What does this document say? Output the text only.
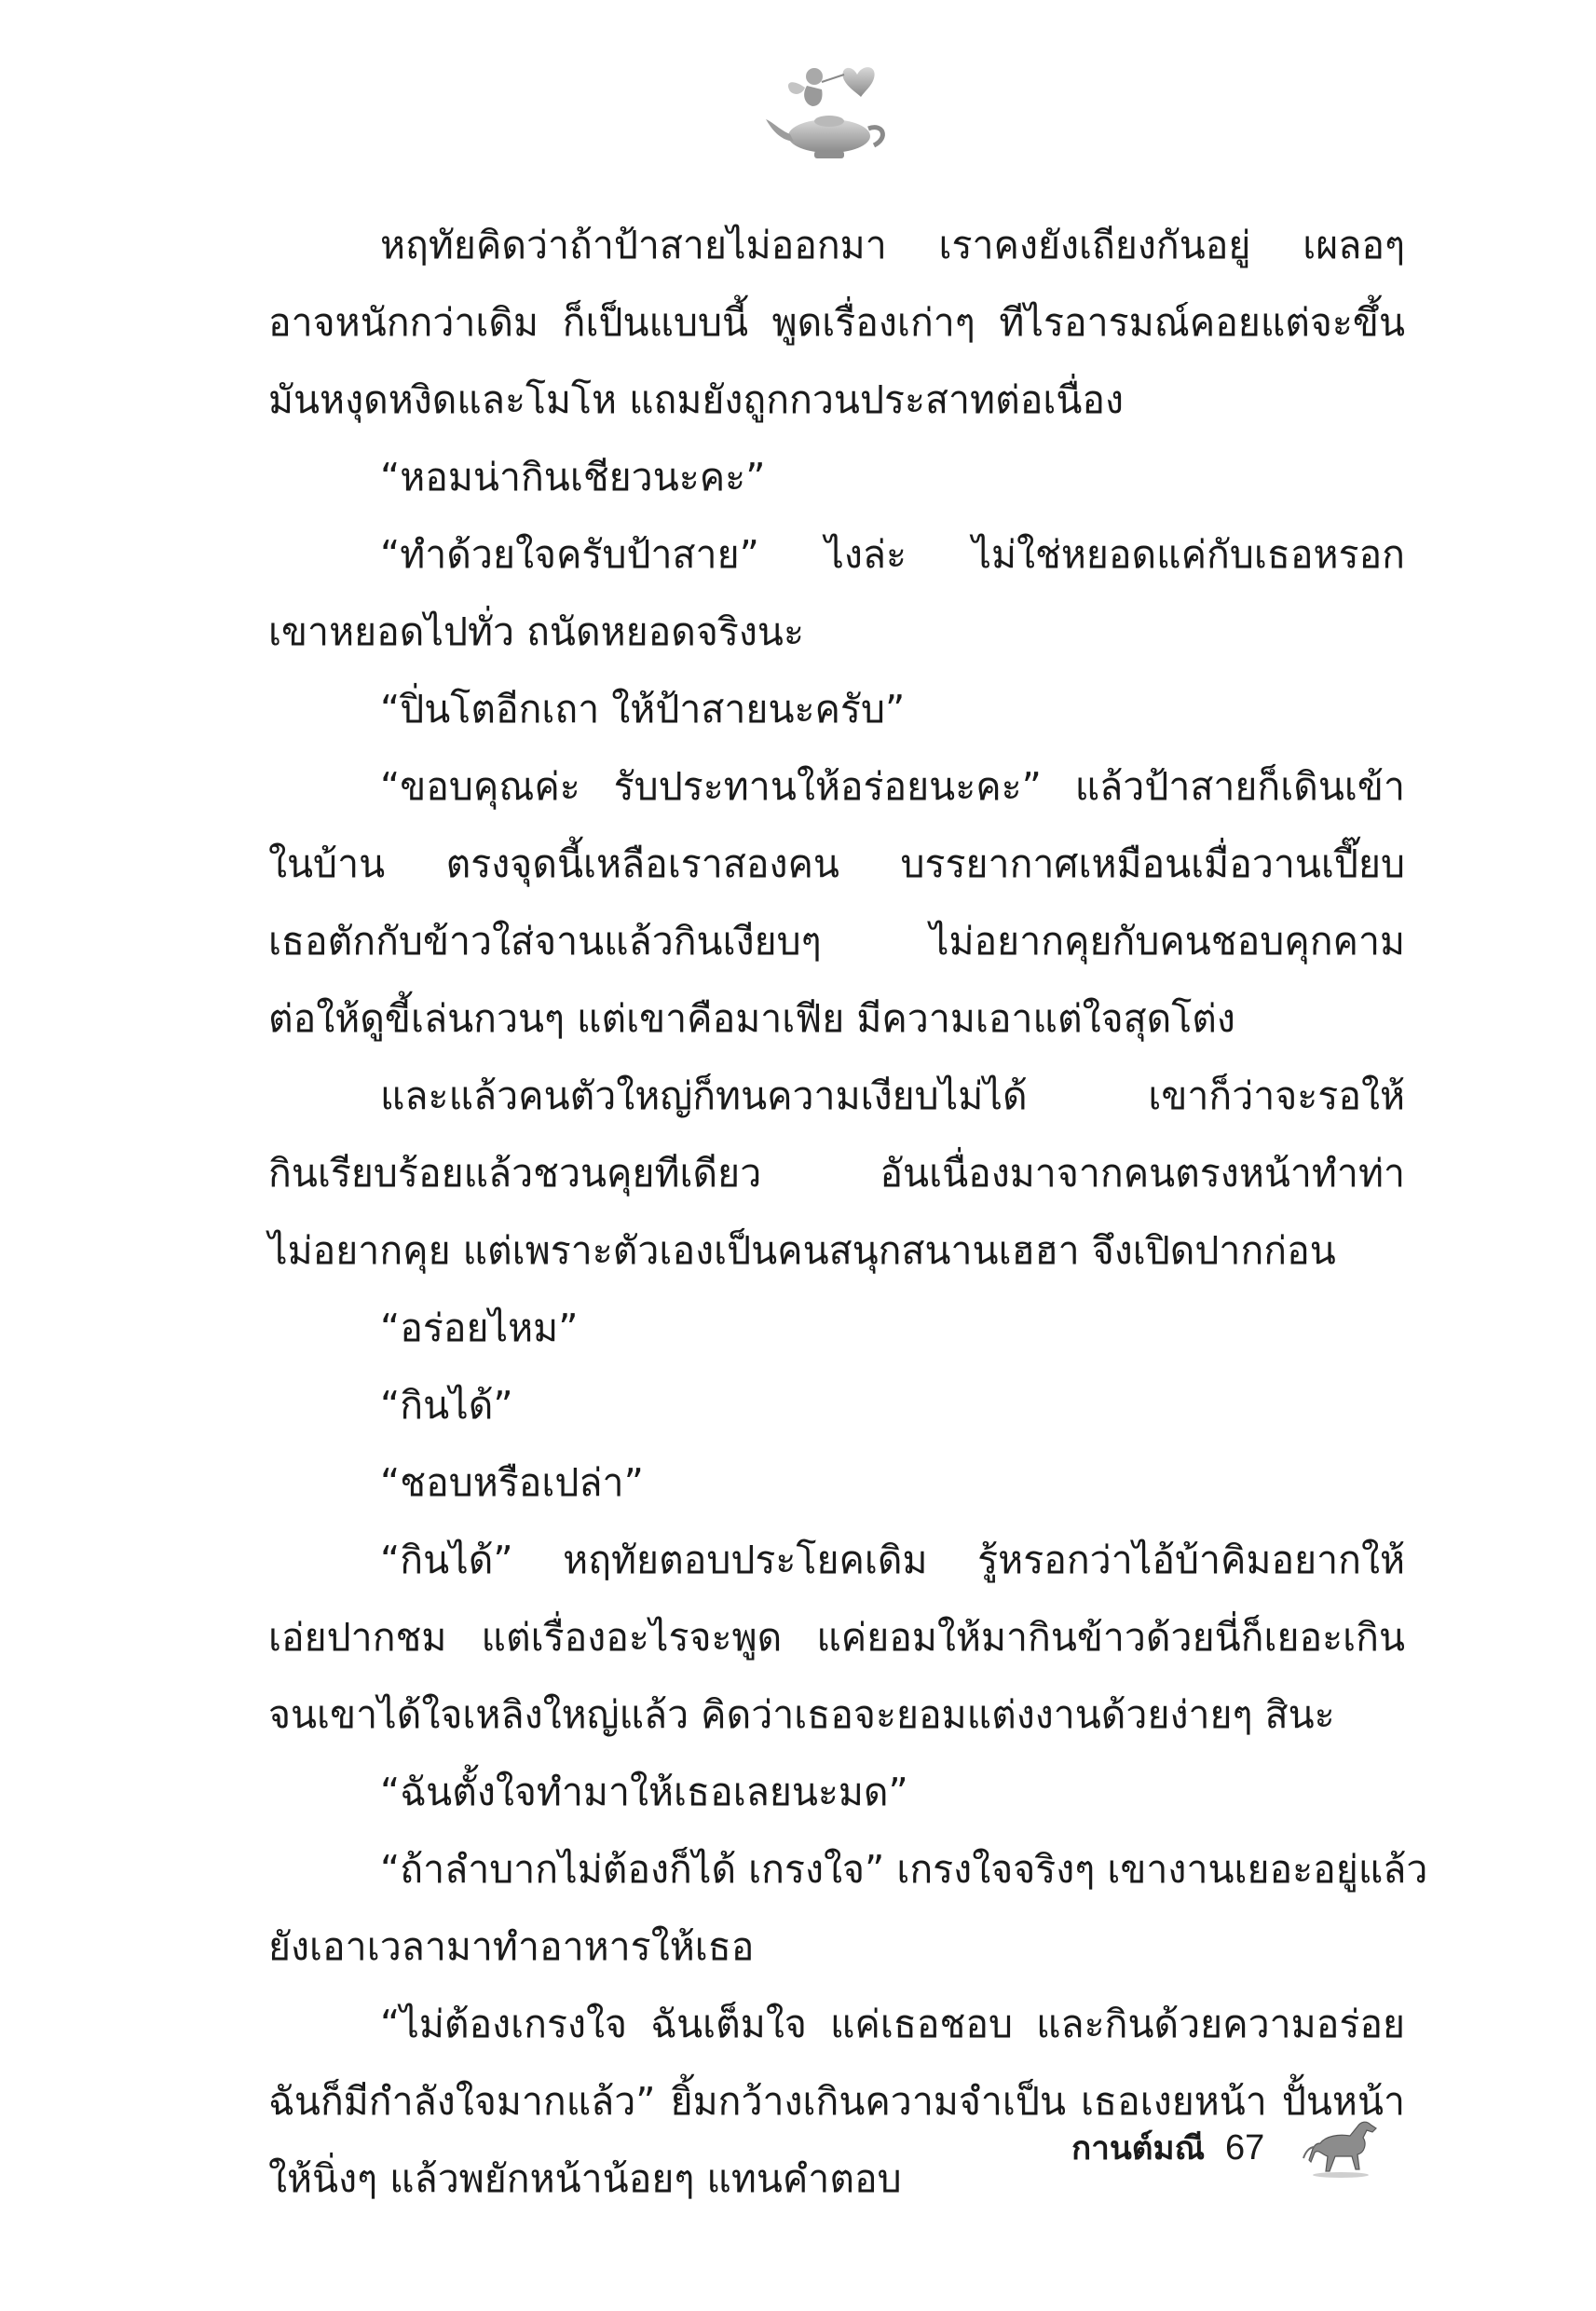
หฤทัยคิดว่าถ้าป้าสายไม่ออกมา เราคงยังเถียงกันอยู่ เผลอๆ

อาจหนักกว่าเดิม ก็เป็นแบบนี้ พูดเรื่องเก่าๆ ทีไรอารมณ์คอยแต่จะขึ้น

มันหงุดหงิดและโมโห แถมยังถูกกวนประสาทต่อเนื่อง

“หอมน่ากินเชียวนะคะ”

“ทำด้วยใจครับป้าสาย” ไงล่ะ ไม่ใช่หยอดแค่กับเธอหรอก

เขาหยอดไปทั่ว ถนัดหยอดจริงนะ

“ปิ่นโตอีกเถา ให้ป้าสายนะครับ”

“ขอบคุณค่ะ รับประทานให้อร่อยนะคะ” แล้วป้าสายก็เดินเข้า

ในบ้าน ตรงจุดนี้เหลือเราสองคน บรรยากาศเหมือนเมื่อวานเปี๊ยบ

เธอตักกับข้าวใส่จานแล้วกินเงียบๆ ไม่อยากคุยกับคนชอบคุกคาม

ต่อให้ดูขี้เล่นกวนๆ แต่เขาคือมาเฟีย มีความเอาแต่ใจสุดโต่ง

และแล้วคนตัวใหญ่ก็ทนความเงียบไม่ได้ เขาก็ว่าจะรอให้

กินเรียบร้อยแล้วชวนคุยทีเดียว อันเนื่องมาจากคนตรงหน้าทำท่า

ไม่อยากคุย แต่เพราะตัวเองเป็นคนสนุกสนานเฮฮา จึงเปิดปากก่อน

“อร่อยไหม”

“กินได้”

“ชอบหรือเปล่า”

“กินได้” หฤทัยตอบประโยคเดิม รู้หรอกว่าไอ้บ้าคิมอยากให้

เอ่ยปากชม แต่เรื่องอะไรจะพูด แค่ยอมให้มากินข้าวด้วยนี่ก็เยอะเกิน

จนเขาได้ใจเหลิงใหญ่แล้ว คิดว่าเธอจะยอมแต่งงานด้วยง่ายๆ สินะ

“ฉันตั้งใจทำมาให้เธอเลยนะมด”

“ถ้าลำบากไม่ต้องก็ได้ เกรงใจ” เกรงใจจริงๆ เขางานเยอะอยู่แล้ว

ยังเอาเวลามาทำอาหารให้เธอ

“ไม่ต้องเกรงใจ ฉันเต็มใจ แค่เธอชอบ และกินด้วยความอร่อย

ฉันก็มีกำลังใจมากแล้ว” ยิ้มกว้างเกินความจำเป็น เธอเงยหน้า ปั้นหน้า

ให้นิ่งๆ แล้วพยักหน้าน้อยๆ แทนคำตอบ

กานต์มณี 67
